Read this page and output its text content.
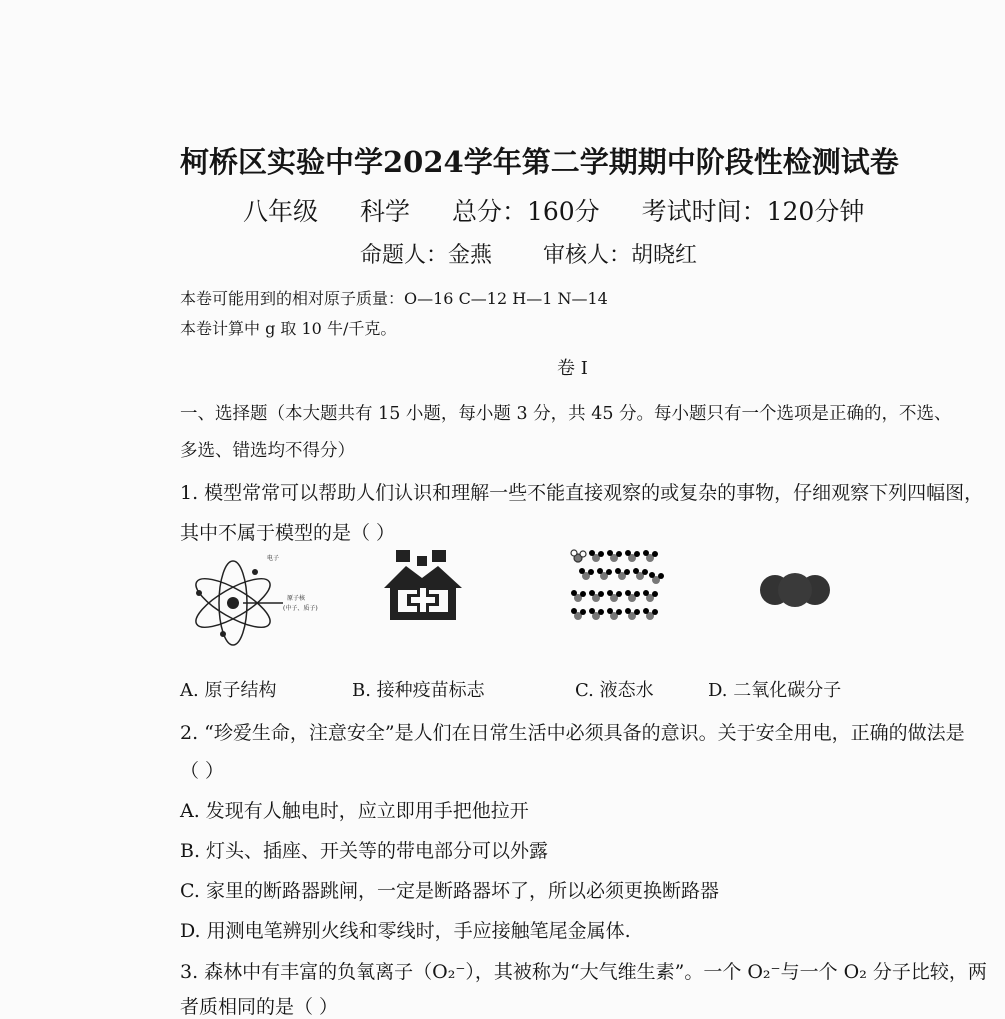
柯桥区实验中学2024学年第二学期期中阶段性检测试卷
八年级 科学 总分：160分 考试时间：120分钟
命题人：金燕 审核人：胡晓红
本卷可能用到的相对原子质量：O—16 C—12 H—1 N—14
本卷计算中 g 取 10 牛/千克。
卷 I
一、选择题（本大题共有 15 小题，每小题 3 分，共 45 分。每小题只有一个选项是正确的，不选、
多选、错选均不得分）
1. 模型常常可以帮助人们认识和理解一些不能直接观察的或复杂的事物，仔细观察下列四幅图，
其中不属于模型的是（ ）
原子核
(中子、质子)
电子
A. 原子结构	B. 接种疫苗标志	C. 液态水	D. 二氧化碳分子
2. “珍爱生命，注意安全”是人们在日常生活中必须具备的意识。关于安全用电，正确的做法是
（ ）
A. 发现有人触电时，应立即用手把他拉开
B. 灯头、插座、开关等的带电部分可以外露
C. 家里的断路器跳闸，一定是断路器坏了，所以必须更换断路器
D. 用测电笔辨别火线和零线时，手应接触笔尾金属体.
3. 森林中有丰富的负氧离子（O₂⁻），其被称为“大气维生素”。一个 O₂⁻与一个 O₂ 分子比较，两
者质相同的是（ ）
